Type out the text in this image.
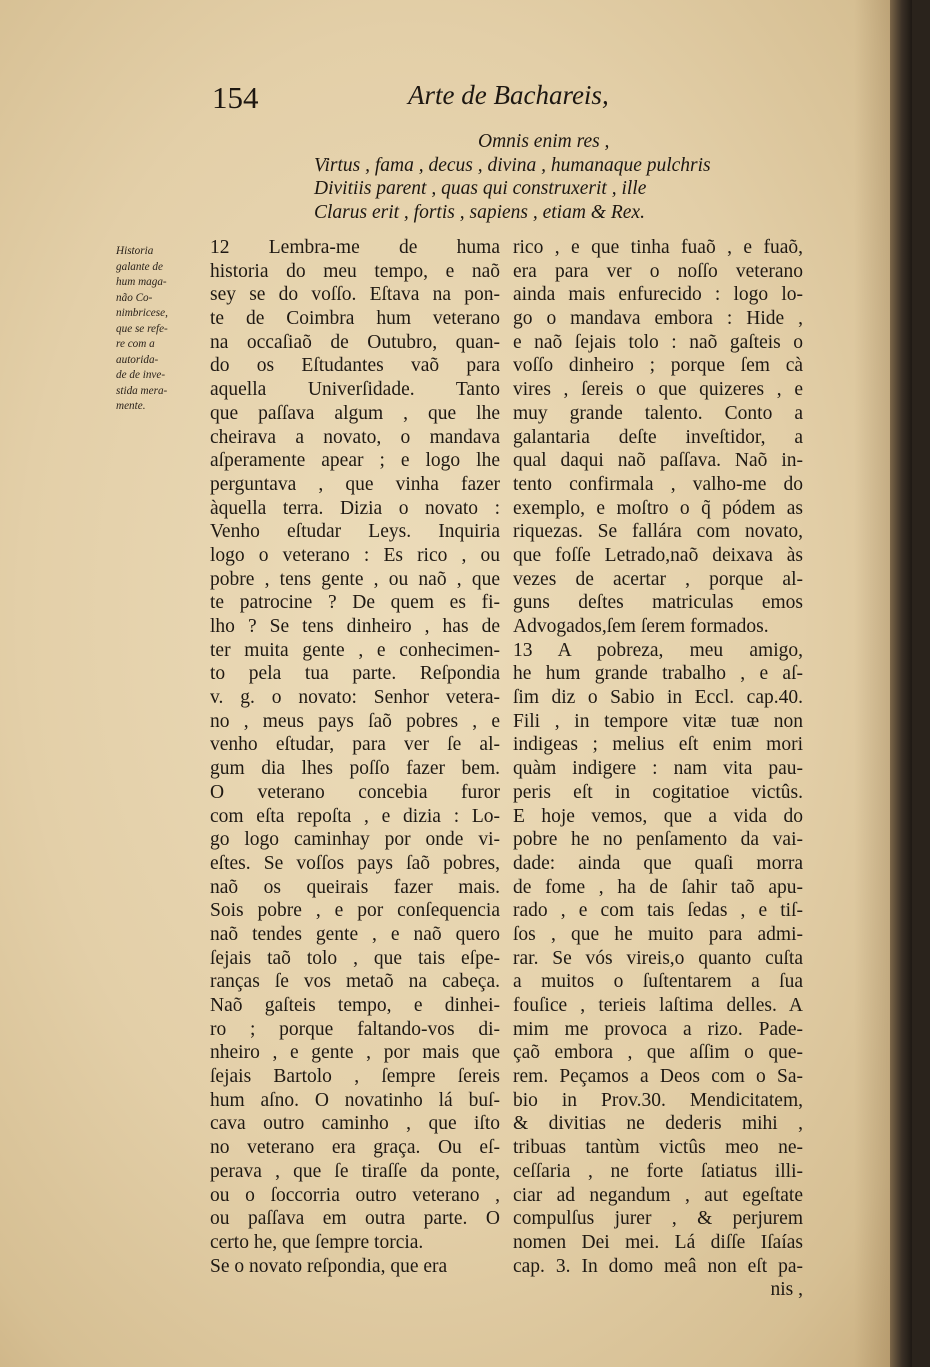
154	Arte de Bachareis,
Omnis enim res ,
Virtus , fama , decus , divina , humanaque pulchris
Divitiis parent , quas qui construxerit , ille
Clarus erit , fortis , sapiens , etiam & Rex.
Historia
galante de
hum maga-
não Co-
nimbricese,
que se refe-
re com a
autorida-
de de inve-
stida mera-
mente.
12 Lembra-me de huma
historia do meu tempo, e naõ
sey se do voſſo. Eſtava na pon-
te de Coimbra hum veterano
na occaſiaõ de Outubro, quan-
do os Eſtudantes vaõ para
aquella Univerſidade. Tanto
que paſſava algum , que lhe
cheirava a novato, o mandava
aſperamente apear ; e logo lhe
perguntava , que vinha fazer
àquella terra. Dizia o novato :
Venho eſtudar Leys. Inquiria
logo o veterano : Es rico , ou
pobre , tens gente , ou naõ , que
te patrocine ? De quem es fi-
lho ? Se tens dinheiro , has de
ter muita gente , e conhecimen-
to pela tua parte. Reſpondia
v. g. o novato: Senhor vetera-
no , meus pays ſaõ pobres , e
venho eſtudar, para ver ſe al-
gum dia lhes poſſo fazer bem.
O veterano concebia furor
com eſta repoſta , e dizia : Lo-
go logo caminhay por onde vi-
eſtes. Se voſſos pays ſaõ pobres,
naõ os queirais fazer mais.
Sois pobre , e por conſequencia
naõ tendes gente , e naõ quero
ſejais taõ tolo , que tais eſpe-
ranças ſe vos metaõ na cabeça.
Naõ gaſteis tempo, e dinhei-
ro ; porque faltando-vos di-
nheiro , e gente , por mais que
ſejais Bartolo , ſempre ſereis
hum aſno. O novatinho lá buſ-
cava outro caminho , que iſto
no veterano era graça. Ou eſ-
perava , que ſe tiraſſe da ponte,
ou o ſoccorria outro veterano ,
ou paſſava em outra parte. O
certo he, que ſempre torcia.
Se o novato reſpondia, que era
rico , e que tinha fuaõ , e fuaõ,
era para ver o noſſo veterano
ainda mais enfurecido : logo lo-
go o mandava embora : Hide ,
e naõ ſejais tolo : naõ gaſteis o
voſſo dinheiro ; porque ſem cà
vires , ſereis o que quizeres , e
muy grande talento. Conto a
galantaria deſte inveſtidor, a
qual daqui naõ paſſava. Naõ in-
tento confirmala , valho-me do
exemplo, e moſtro o q̃ pódem as
riquezas. Se fallára com novato,
que foſſe Letrado,naõ deixava às
vezes de acertar , porque al-
guns deſtes matriculas emos
Advogados,ſem ſerem formados.
13 A pobreza, meu amigo,
he hum grande trabalho , e aſ-
ſim diz o Sabio in Eccl. cap.40.
Fili , in tempore vitæ tuæ non
indigeas ; melius eſt enim mori
quàm indigere : nam vita pau-
peris eſt in cogitatioe victûs.
E hoje vemos, que a vida do
pobre he no penſamento da vai-
dade: ainda que quaſi morra
de fome , ha de ſahir taõ apu-
rado , e com tais ſedas , e tiſ-
ſos , que he muito para admi-
rar. Se vós vireis,o quanto cuſta
a muitos o ſuſtentarem a ſua
fouſice , terieis laſtima delles. A
mim me provoca a rizo. Pade-
çaõ embora , que aſſim o que-
rem. Peçamos a Deos com o Sa-
bio in Prov.30. Mendicitatem,
& divitias ne dederis mihi ,
tribuas tantùm victûs meo ne-
ceſſaria , ne forte ſatiatus illi-
ciar ad negandum , aut egeſtate
compulſus jurer , & perjurem
nomen Dei mei. Lá diſſe Iſaías
cap. 3. In domo meâ non eſt pa-
nis ,
